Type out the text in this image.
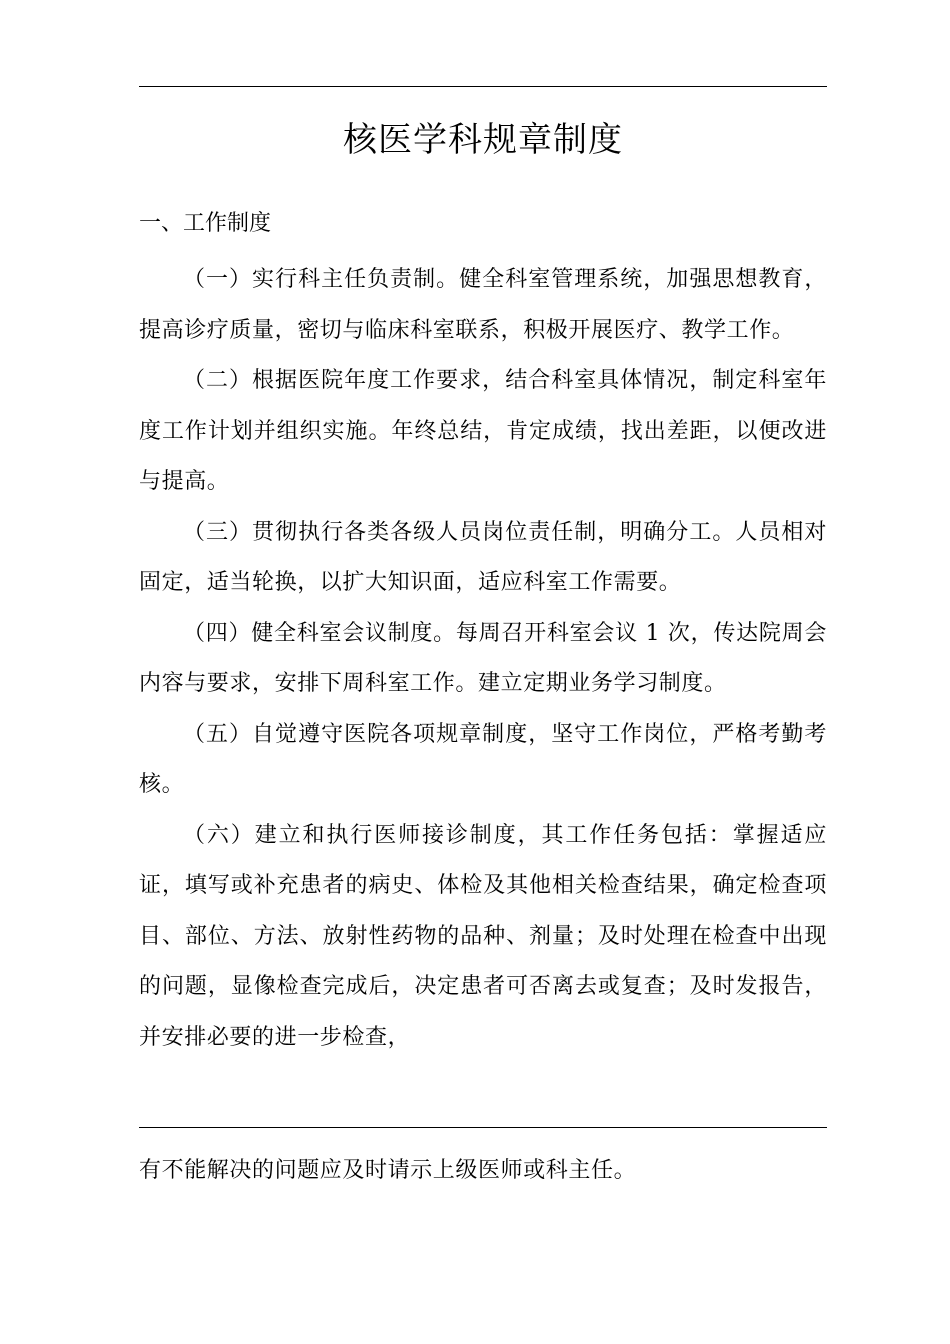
核医学科规章制度
一、工作制度

（一）实行科主任负责制。健全科室管理系统，加强思想教育，提高诊疗质量，密切与临床科室联系，积极开展医疗、教学工作。

（二）根据医院年度工作要求，结合科室具体情况，制定科室年度工作计划并组织实施。年终总结，肯定成绩，找出差距，以便改进与提高。

（三）贯彻执行各类各级人员岗位责任制，明确分工。人员相对固定，适当轮换，以扩大知识面，适应科室工作需要。

（四）健全科室会议制度。每周召开科室会议 1 次，传达院周会内容与要求，安排下周科室工作。建立定期业务学习制度。

（五）自觉遵守医院各项规章制度，坚守工作岗位，严格考勤考核。

（六）建立和执行医师接诊制度，其工作任务包括：掌握适应证，填写或补充患者的病史、体检及其他相关检查结果，确定检查项目、部位、方法、放射性药物的品种、剂量；及时处理在检查中出现的问题，显像检查完成后，决定患者可否离去或复查；及时发报告，并安排必要的进一步检查，

有不能解决的问题应及时请示上级医师或科主任。
